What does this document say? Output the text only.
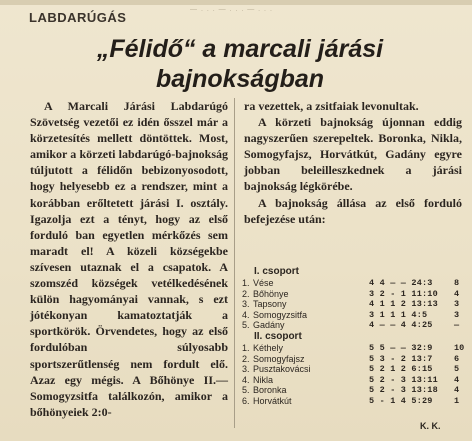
— . . . — . . . — . . .
LABDARÚGÁS
„Félidő“ a marcali járási
bajnokságban
A Marcali Járási Labdarúgó Szövetség vezetői ez idén ősszel már a körzetesítés mellett döntöttek. Most, amikor a körzeti labdarúgó-bajnokság túljutott a félidőn bebizonyosodott, hogy helyesebb ez a rendszer, mint a korábban erőltetett járási I. osztály. Igazolja ezt a tényt, hogy az első forduló ban egyetlen mérkőzés sem maradt el! A közeli községekbe szívesen utaznak el a csapatok. A szomszéd községek vetélkedésének külön hagyományai vannak, s ezt jótékonyan kamatoztatják a sportkörök. Örvendetes, hogy az első fordulóban súlyosabb sportszerűtlenség nem fordult elő. Azaz egy mégis. A Bőhönye II.—Somogyzsitfa találkozón, amikor a bőhönyeiek 2:0-

ra vezettek, a zsitfaiak levonultak.

A körzeti bajnokság újonnan eddig nagyszerűen szerepeltek. Boronka, Nikla, Somogyfajsz, Horvátkút, Gadány egyre jobban beleilleszkednek a járási bajnokság légkörébe.

A bajnokság állása az első forduló befejezése után:

I. csoport
1. Vése	4 4 — — 24:3	8
2. Bőhönye	3 2 - 1 11:10 4
3. Tapsony	4 1 1 2 13:13 3
4. Somogyzsitfa	3 1 1 1 4:5	3
5. Gadány	4 — — 4 4:25	—
II. csoport
1. Kéthely	5 5 — — 32:9	10
2. Somogyfajsz	5 3 - 2 13:7	6
3. Pusztakovácsi	5 2 1 2 6:15	5
4. Nikla	5 2 - 3 13:11 4
5. Boronka	5 2 - 3 13:18 4
6. Horvátkút	5 - 1 4 5:29	1
K. K.
